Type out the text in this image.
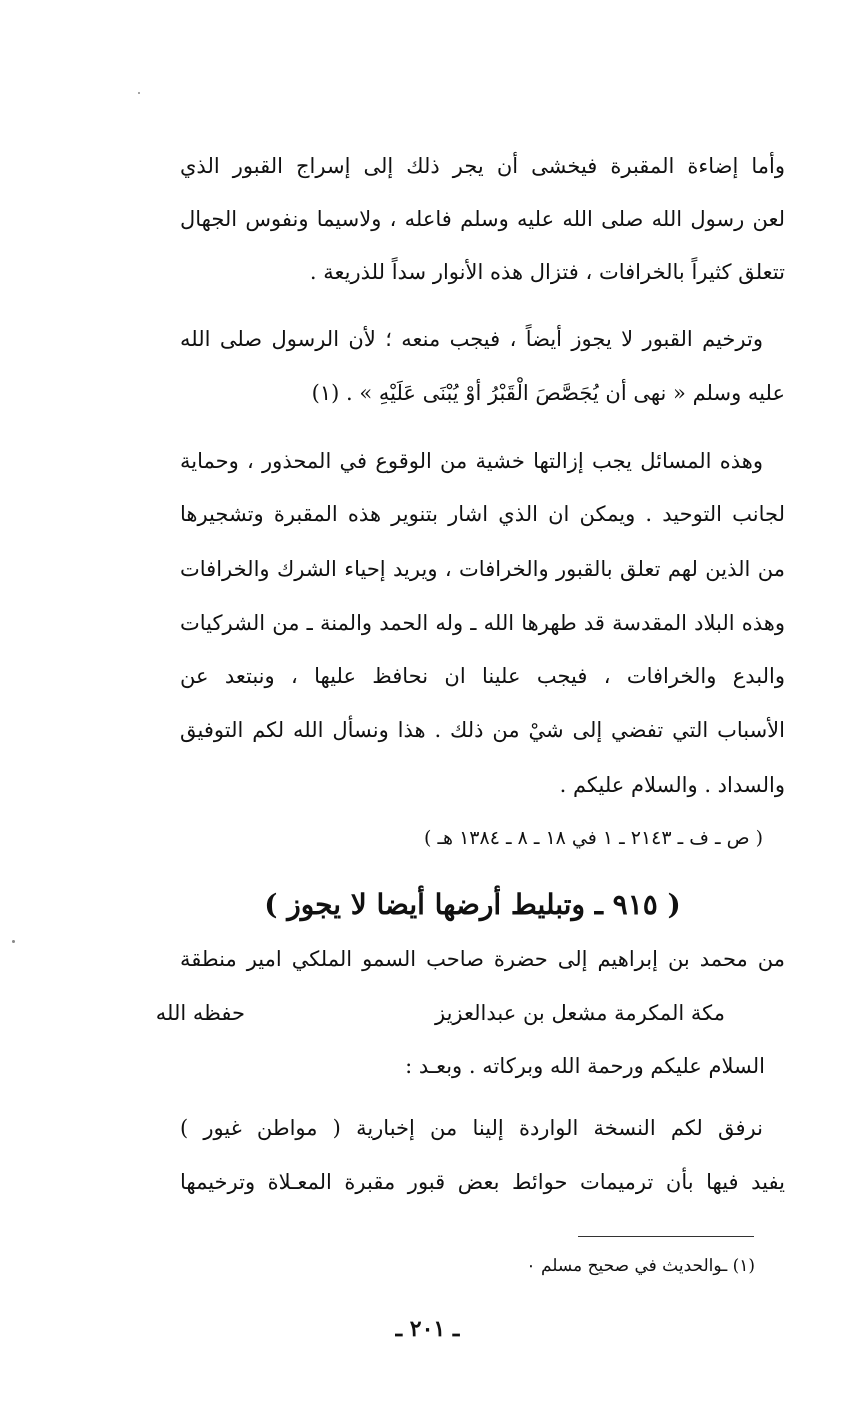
وأما إضاءة المقبرة فيخشى أن يجر ذلك إلى إسراج القبور الذي
لعن رسول الله صلى الله عليه وسلم فاعله ، ولاسيما ونفوس الجهال
تتعلق كثيراً بالخرافات ، فتزال هذه الأنوار سداً للذريعة .
وترخيم القبور لا يجوز أيضاً ، فيجب منعه ؛ لأن الرسول صلى الله
عليه وسلم « نهى أن يُجَصَّصَ الْقَبْرُ أوْ يُبْنَى عَلَيْهِ » . (١)
وهذه المسائل يجب إزالتها خشية من الوقوع في المحذور ، وحماية
لجانب التوحيد . ويمكن ان الذي اشار بتنوير هذه المقبرة وتشجيرها
من الذين لهم تعلق بالقبور والخرافات ، ويريد إحياء الشرك والخرافات
وهذه البلاد المقدسة قد طهرها الله ـ وله الحمد والمنة ـ من الشركيات
والبدع والخرافات ، فيجب علينا ان نحافظ عليها ، ونبتعد عن
الأسباب التي تفضي إلى شيْ من ذلك . هذا ونسأل الله لكم التوفيق
والسداد . والسلام عليكم .
( ص ـ ف ـ ٢١٤٣ ـ ١ في ١٨ ـ ٨ ـ ١٣٨٤ هـ )
( ٩١٥ ـ وتبليط أرضها أيضا لا يجوز )
من محمد بن إبراهيم إلى حضرة صاحب السمو الملكي امير منطقة
مكة المكرمة مشعل بن عبدالعزيز
حفظه الله
السلام عليكم ورحمة الله وبركاته . وبعـد :
نرفق لكم النسخة الواردة إلينا من إخبارية ( مواطن غيور )
يفيد فيها بأن ترميمات حوائط بعض قبور مقبرة المعـلاة وترخيمها
(١) ـوالحديث في صحيح مسلم ٠
ـ ٢٠١ ـ
